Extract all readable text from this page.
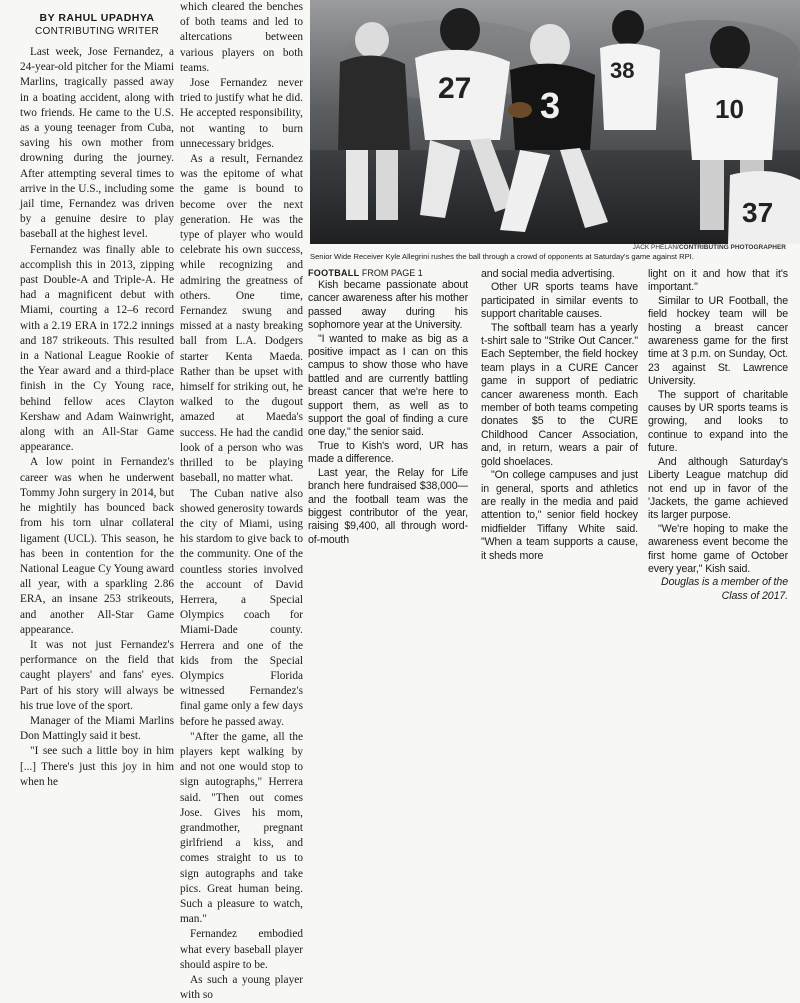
BY RAHUL UPADHYA
CONTRIBUTING WRITER

Last week, Jose Fernandez, a 24-year-old pitcher for the Miami Marlins, tragically passed away in a boating accident, along with two friends. He came to the U.S. as a young teenager from Cuba, saving his own mother from drowning during the journey. After attempting several times to arrive in the U.S., including some jail time, Fernandez was driven by a genuine desire to play baseball at the highest level.

Fernandez was finally able to accomplish this in 2013, zipping past Double-A and Triple-A. He had a magnificent debut with Miami, courting a 12–6 record with a 2.19 ERA in 172.2 innings and 187 strikeouts. This resulted in a National League Rookie of the Year award and a third-place finish in the Cy Young race, behind fellow aces Clayton Kershaw and Adam Wainwright, along with an All-Star Game appearance.

A low point in Fernandez's career was when he underwent Tommy John surgery in 2014, but he mightily has bounced back from his torn ulnar collateral ligament (UCL). This season, he has been in contention for the National League Cy Young award all year, with a sparkling 2.86 ERA, an insane 253 strikeouts, and another All-Star Game appearance.

It was not just Fernandez's performance on the field that caught players' and fans' eyes. Part of his story will always be his true love of the sport.

Manager of the Miami Marlins Don Mattingly said it best.

"I see such a little boy in him [...] There's just this joy in him when he

which cleared the benches of both teams and led to altercations between various players on both teams.

Jose Fernandez never tried to justify what he did. He accepted responsibility, not wanting to burn unnecessary bridges.

As a result, Fernandez was the epitome of what the game is bound to become over the next generation. He was the type of player who would celebrate his own success, while recognizing and admiring the greatness of others. One time, Fernandez swung and missed at a nasty breaking ball from L.A. Dodgers starter Kenta Maeda. Rather than be upset with himself for striking out, he walked to the dugout amazed at Maeda's success. He had the candid look of a person who was thrilled to be playing baseball, no matter what.

The Cuban native also showed generosity towards the city of Miami, using his stardom to give back to the community. One of the countless stories involved the account of David Herrera, a Special Olympics coach for Miami-Dade county. Herrera and one of the kids from the Special Olympics Florida witnessed Fernandez's final game only a few days before he passed away.

"After the game, all the players kept walking by and not one would stop to sign autographs," Herrera said. "Then out comes Jose. Gives his mom, grandmother, pregnant girlfriend a kiss, and comes straight to us to sign autographs and take pics. Great human being. Such a pleasure to watch, man."

Fernandez embodied what every baseball player should aspire to be.

As such a young player with so

27 3
38
10
37
JACK PHELAN/CONTRIBUTING PHOTOGRAPHER
Senior Wide Receiver Kyle Allegrini rushes the ball through a crowd of opponents at Saturday's game against RPI.
FOOTBALL FROM PAGE 1

Kish became passionate about cancer awareness after his mother passed away during his sophomore year at the University.

"I wanted to make as big as a positive impact as I can on this campus to show those who have battled and are currently battling breast cancer that we're here to support them, as well as to support the goal of finding a cure one day," the senior said.

True to Kish's word, UR has made a difference.

Last year, the Relay for Life branch here fundraised $38,000—and the football team was the biggest contributor of the year, raising $9,400, all through word-of-mouth

and social media advertising.

Other UR sports teams have participated in similar events to support charitable causes.

The softball team has a yearly t-shirt sale to "Strike Out Cancer." Each September, the field hockey team plays in a CURE Cancer game in support of pediatric cancer awareness month. Each member of both teams competing donates $5 to the CURE Childhood Cancer Association, and, in return, wears a pair of gold shoelaces.

"On college campuses and just in general, sports and athletics are really in the media and paid attention to," senior field hockey midfielder Tiffany White said. "When a team supports a cause, it sheds more

light on it and how that it's important."

Similar to UR Football, the field hockey team will be hosting a breast cancer awareness game for the first time at 3 p.m. on Sunday, Oct. 23 against St. Lawrence University.

The support of charitable causes by UR sports teams is growing, and looks to continue to expand into the future.

And although Saturday's Liberty League matchup did not end up in favor of the 'Jackets, the game achieved its larger purpose.

"We're hoping to make the awareness event become the first home game of October every year," Kish said.

Douglas is a member of the Class of 2017.
